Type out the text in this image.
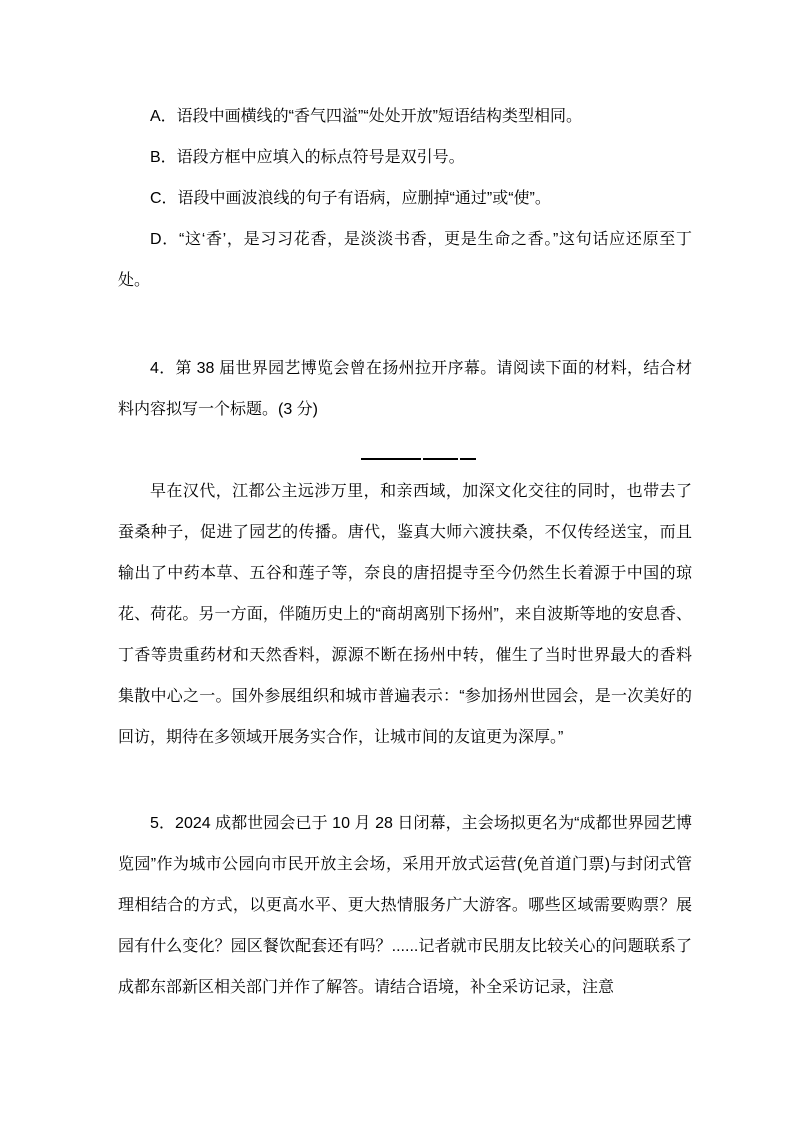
A．语段中画横线的“香气四溢”“处处开放”短语结构类型相同。

B．语段方框中应填入的标点符号是双引号。

C．语段中画波浪线的句子有语病，应删掉“通过”或“使”。

D．“这‘香’，是习习花香，是淡淡书香，更是生命之香。”这句话应还原至丁处。

4．第 38 届世界园艺博览会曾在扬州拉开序幕。请阅读下面的材料，结合材料内容拟写一个标题。(3 分)

早在汉代，江都公主远涉万里，和亲西域，加深文化交往的同时，也带去了蚕桑种子，促进了园艺的传播。唐代，鉴真大师六渡扶桑，不仅传经送宝，而且输出了中药本草、五谷和莲子等，奈良的唐招提寺至今仍然生长着源于中国的琼花、荷花。另一方面，伴随历史上的“商胡离别下扬州”，来自波斯等地的安息香、丁香等贵重药材和天然香料，源源不断在扬州中转，催生了当时世界最大的香料集散中心之一。国外参展组织和城市普遍表示：“参加扬州世园会，是一次美好的回访，期待在多领域开展务实合作，让城市间的友谊更为深厚。”

5．2024 成都世园会已于 10 月 28 日闭幕，主会场拟更名为“成都世界园艺博览园”作为城市公园向市民开放主会场，采用开放式运营(免首道门票)与封闭式管理相结合的方式，以更高水平、更大热情服务广大游客。哪些区域需要购票？展园有什么变化？园区餐饮配套还有吗？......记者就市民朋友比较关心的问题联系了成都东部新区相关部门并作了解答。请结合语境，补全采访记录，注意
